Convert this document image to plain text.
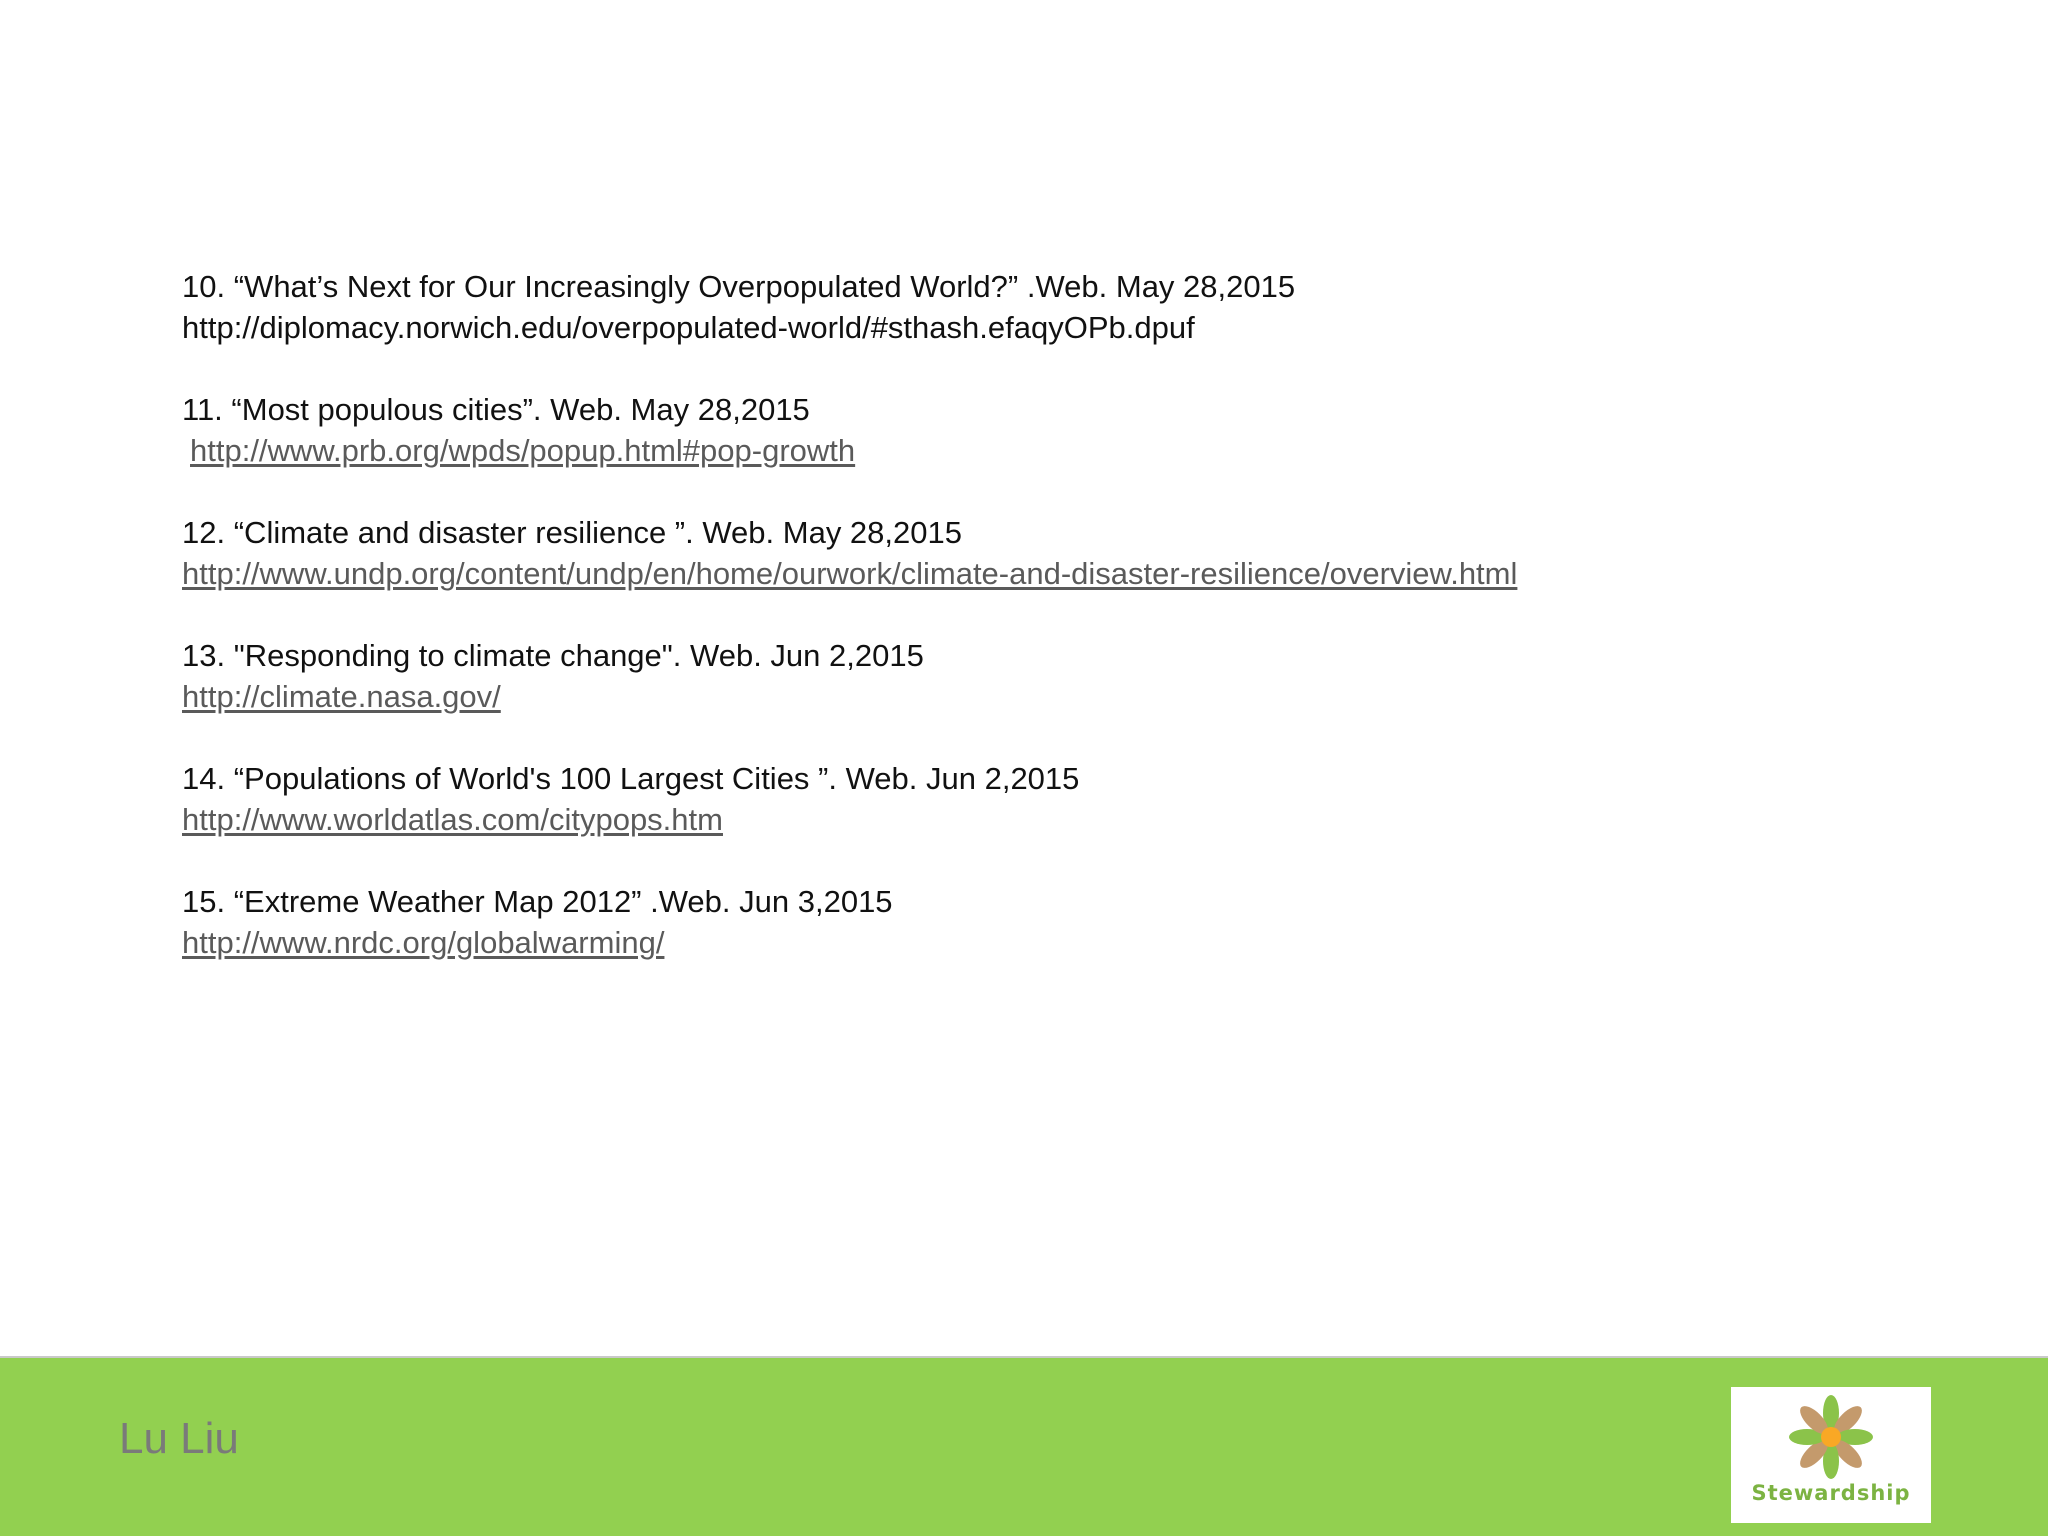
10. “What’s Next for Our Increasingly Overpopulated World?” .Web. May 28,2015
http://diplomacy.norwich.edu/overpopulated-world/#sthash.efaqyOPb.dpuf
11. “Most populous cities”. Web. May 28,2015
http://www.prb.org/wpds/popup.html#pop-growth
12. “Climate and disaster resilience ”. Web. May 28,2015
http://www.undp.org/content/undp/en/home/ourwork/climate-and-disaster-resilience/overview.html
13. "Responding to climate change". Web. Jun 2,2015
http://climate.nasa.gov/
14. “Populations of World's 100 Largest Cities ”. Web. Jun 2,2015
http://www.worldatlas.com/citypops.htm
15. “Extreme Weather Map 2012” .Web. Jun 3,2015
http://www.nrdc.org/globalwarming/
Lu Liu
Stewardship
